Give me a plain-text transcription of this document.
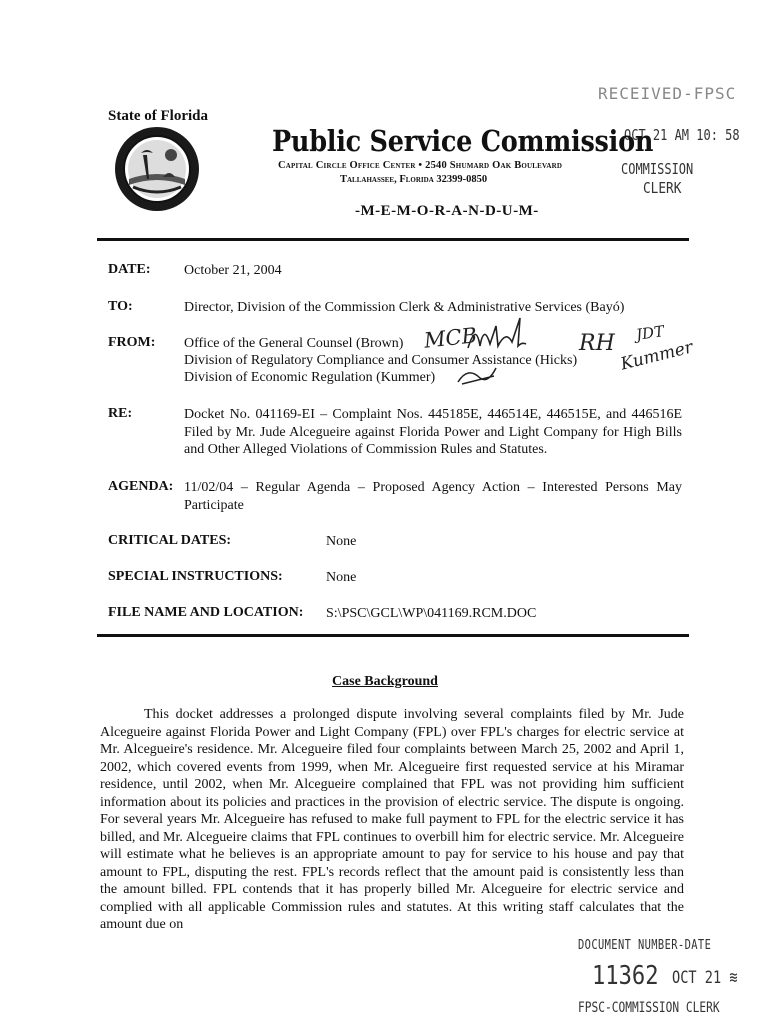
RECEIVED-FPSC
OCT 21 AM 10: 58
COMMISSION
CLERK
State of Florida
Public Service Commission
Capital Circle Office Center • 2540 Shumard Oak Boulevard
Tallahassee, Florida 32399-0850
-M-E-M-O-R-A-N-D-U-M-
DATE: October 21, 2004
TO:	Director, Division of the Commission Clerk & Administrative Services (Bayó)
FROM: Office of the General Counsel (Brown)
Division of Regulatory Compliance and Consumer Assistance (Hicks)
Division of Economic Regulation (Kummer)
MCB	RH JDT
Kummer
RE:	Docket No. 041169-EI – Complaint Nos. 445185E, 446514E, 446515E, and 446516E Filed by Mr. Jude Alcegueire against Florida Power and Light Company for High Bills and Other Alleged Violations of Commission Rules and Statutes.
AGENDA: 11/02/04 – Regular Agenda – Proposed Agency Action – Interested Persons May Participate
CRITICAL DATES:	None
SPECIAL INSTRUCTIONS:	None
FILE NAME AND LOCATION: S:\PSC\GCL\WP\041169.RCM.DOC
Case Background

This docket addresses a prolonged dispute involving several complaints filed by Mr. Jude Alcegueire against Florida Power and Light Company (FPL) over FPL's charges for electric service at Mr. Alcegueire's residence. Mr. Alcegueire filed four complaints between March 25, 2002 and April 1, 2002, which covered events from 1999, when Mr. Alcegueire first requested service at his Miramar residence, until 2002, when Mr. Alcegueire complained that FPL was not providing him sufficient information about its policies and practices in the provision of electric service. The dispute is ongoing. For several years Mr. Alcegueire has refused to make full payment to FPL for the electric service it has billed, and Mr. Alcegueire claims that FPL continues to overbill him for electric service. Mr. Alcegueire will estimate what he believes is an appropriate amount to pay for service to his house and pay that amount to FPL, disputing the rest. FPL's records reflect that the amount paid is consistently less than the amount billed. FPL contends that it has properly billed Mr. Alcegueire for electric service and complied with all applicable Commission rules and statutes. At this writing staff calculates that the amount due on

DOCUMENT NUMBER-DATE
11362 OCT 21 ≋
FPSC-COMMISSION CLERK
